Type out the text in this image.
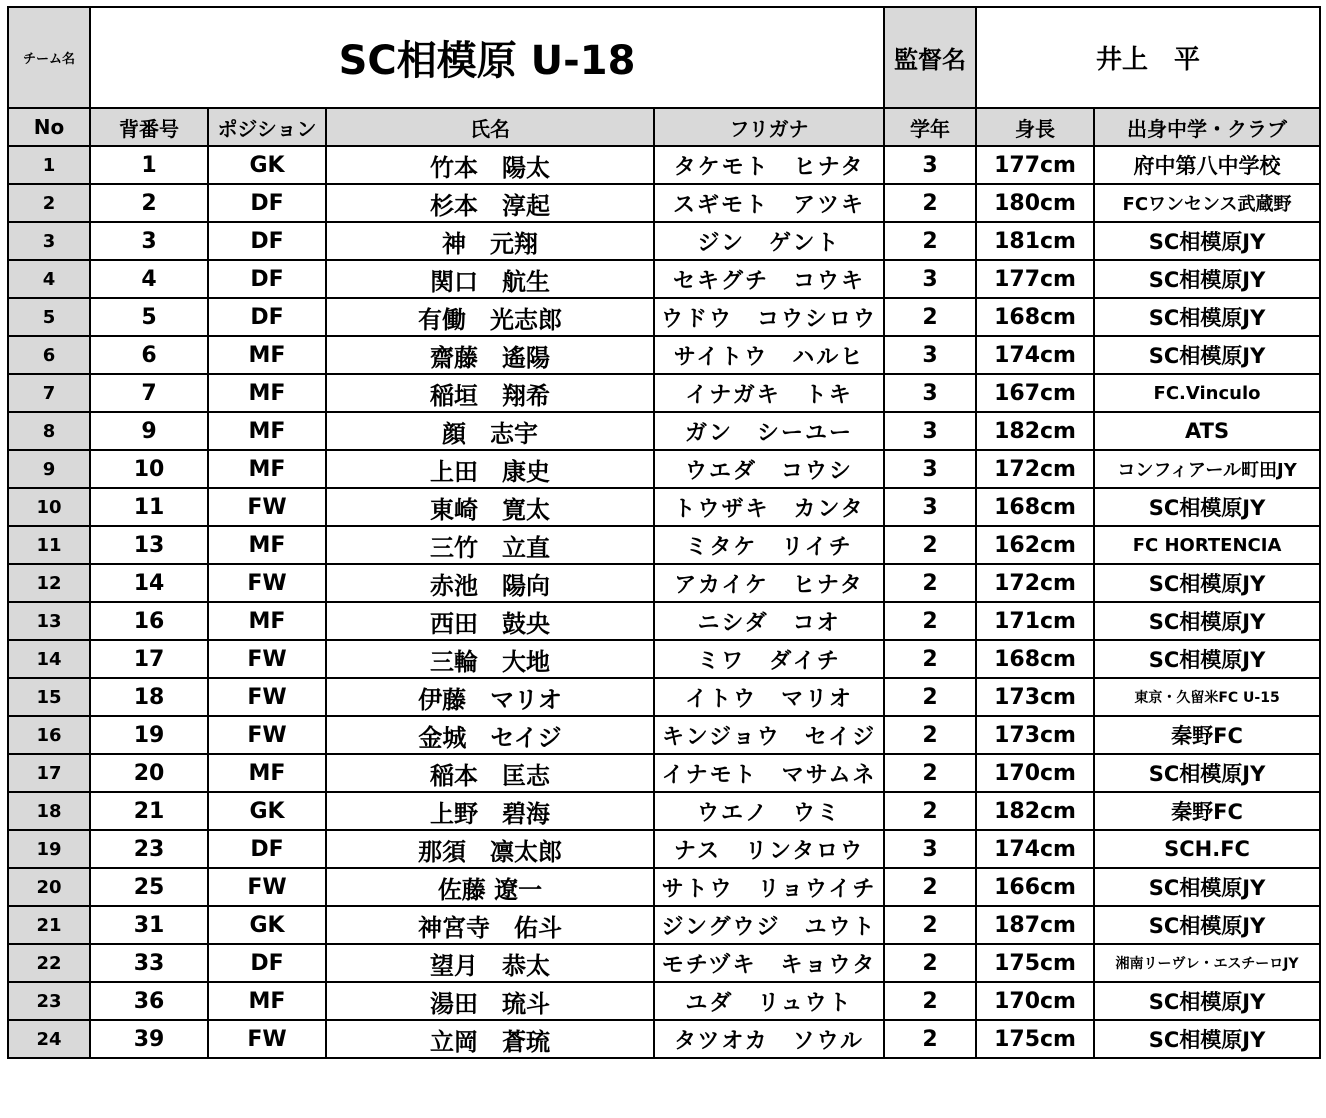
チーム名	SC相模原 U-18				監督名	井上　平	
No	背番号	ポジション	氏名	フリガナ	学年	身長	出身中学・クラブ
1	1	GK	竹本　陽太	タケモト　ヒナタ	3	177cm	府中第八中学校
2	2	DF	杉本　淳起	スギモト　アツキ	2	180cm	FCワンセンス武蔵野
3	3	DF	神　元翔	ジン　ゲント	2	181cm	SC相模原JY
4	4	DF	関口　航生	セキグチ　コウキ	3	177cm	SC相模原JY
5	5	DF	有働　光志郎	ウドウ　コウシロウ	2	168cm	SC相模原JY
6	6	MF	齋藤　遙陽	サイトウ　ハルヒ	3	174cm	SC相模原JY
7	7	MF	稲垣　翔希	イナガキ　トキ	3	167cm	FC.Vinculo
8	9	MF	顔　志宇	ガン　シーユー	3	182cm	ATS
9	10	MF	上田　康史	ウエダ　コウシ	3	172cm	コンフィアール町田JY
10	11	FW	東崎　寛太	トウザキ　カンタ	3	168cm	SC相模原JY
11	13	MF	三竹　立直	ミタケ　リイチ	2	162cm	FC HORTENCIA
12	14	FW	赤池　陽向	アカイケ　ヒナタ	2	172cm	SC相模原JY
13	16	MF	西田　鼓央	ニシダ　コオ	2	171cm	SC相模原JY
14	17	FW	三輪　大地	ミワ　ダイチ	2	168cm	SC相模原JY
15	18	FW	伊藤　マリオ	イトウ　マリオ	2	173cm	東京・久留米FC U-15
16	19	FW	金城　セイジ	キンジョウ　セイジ	2	173cm	秦野FC
17	20	MF	稲本　匡志	イナモト　マサムネ	2	170cm	SC相模原JY
18	21	GK	上野　碧海	ウエノ　ウミ	2	182cm	秦野FC
19	23	DF	那須　凛太郎	ナス　リンタロウ	3	174cm	SCH.FC
20	25	FW	佐藤 遼一	サトウ　リョウイチ	2	166cm	SC相模原JY
21	31	GK	神宮寺　佑斗	ジングウジ　ユウト	2	187cm	SC相模原JY
22	33	DF	望月　恭太	モチヅキ　キョウタ	2	175cm	湘南リーヴレ・エスチーロJY
23	36	MF	湯田　琉斗	ユダ　リュウト	2	170cm	SC相模原JY
24	39	FW	立岡　蒼琉	タツオカ　ソウル	2	175cm	SC相模原JY
